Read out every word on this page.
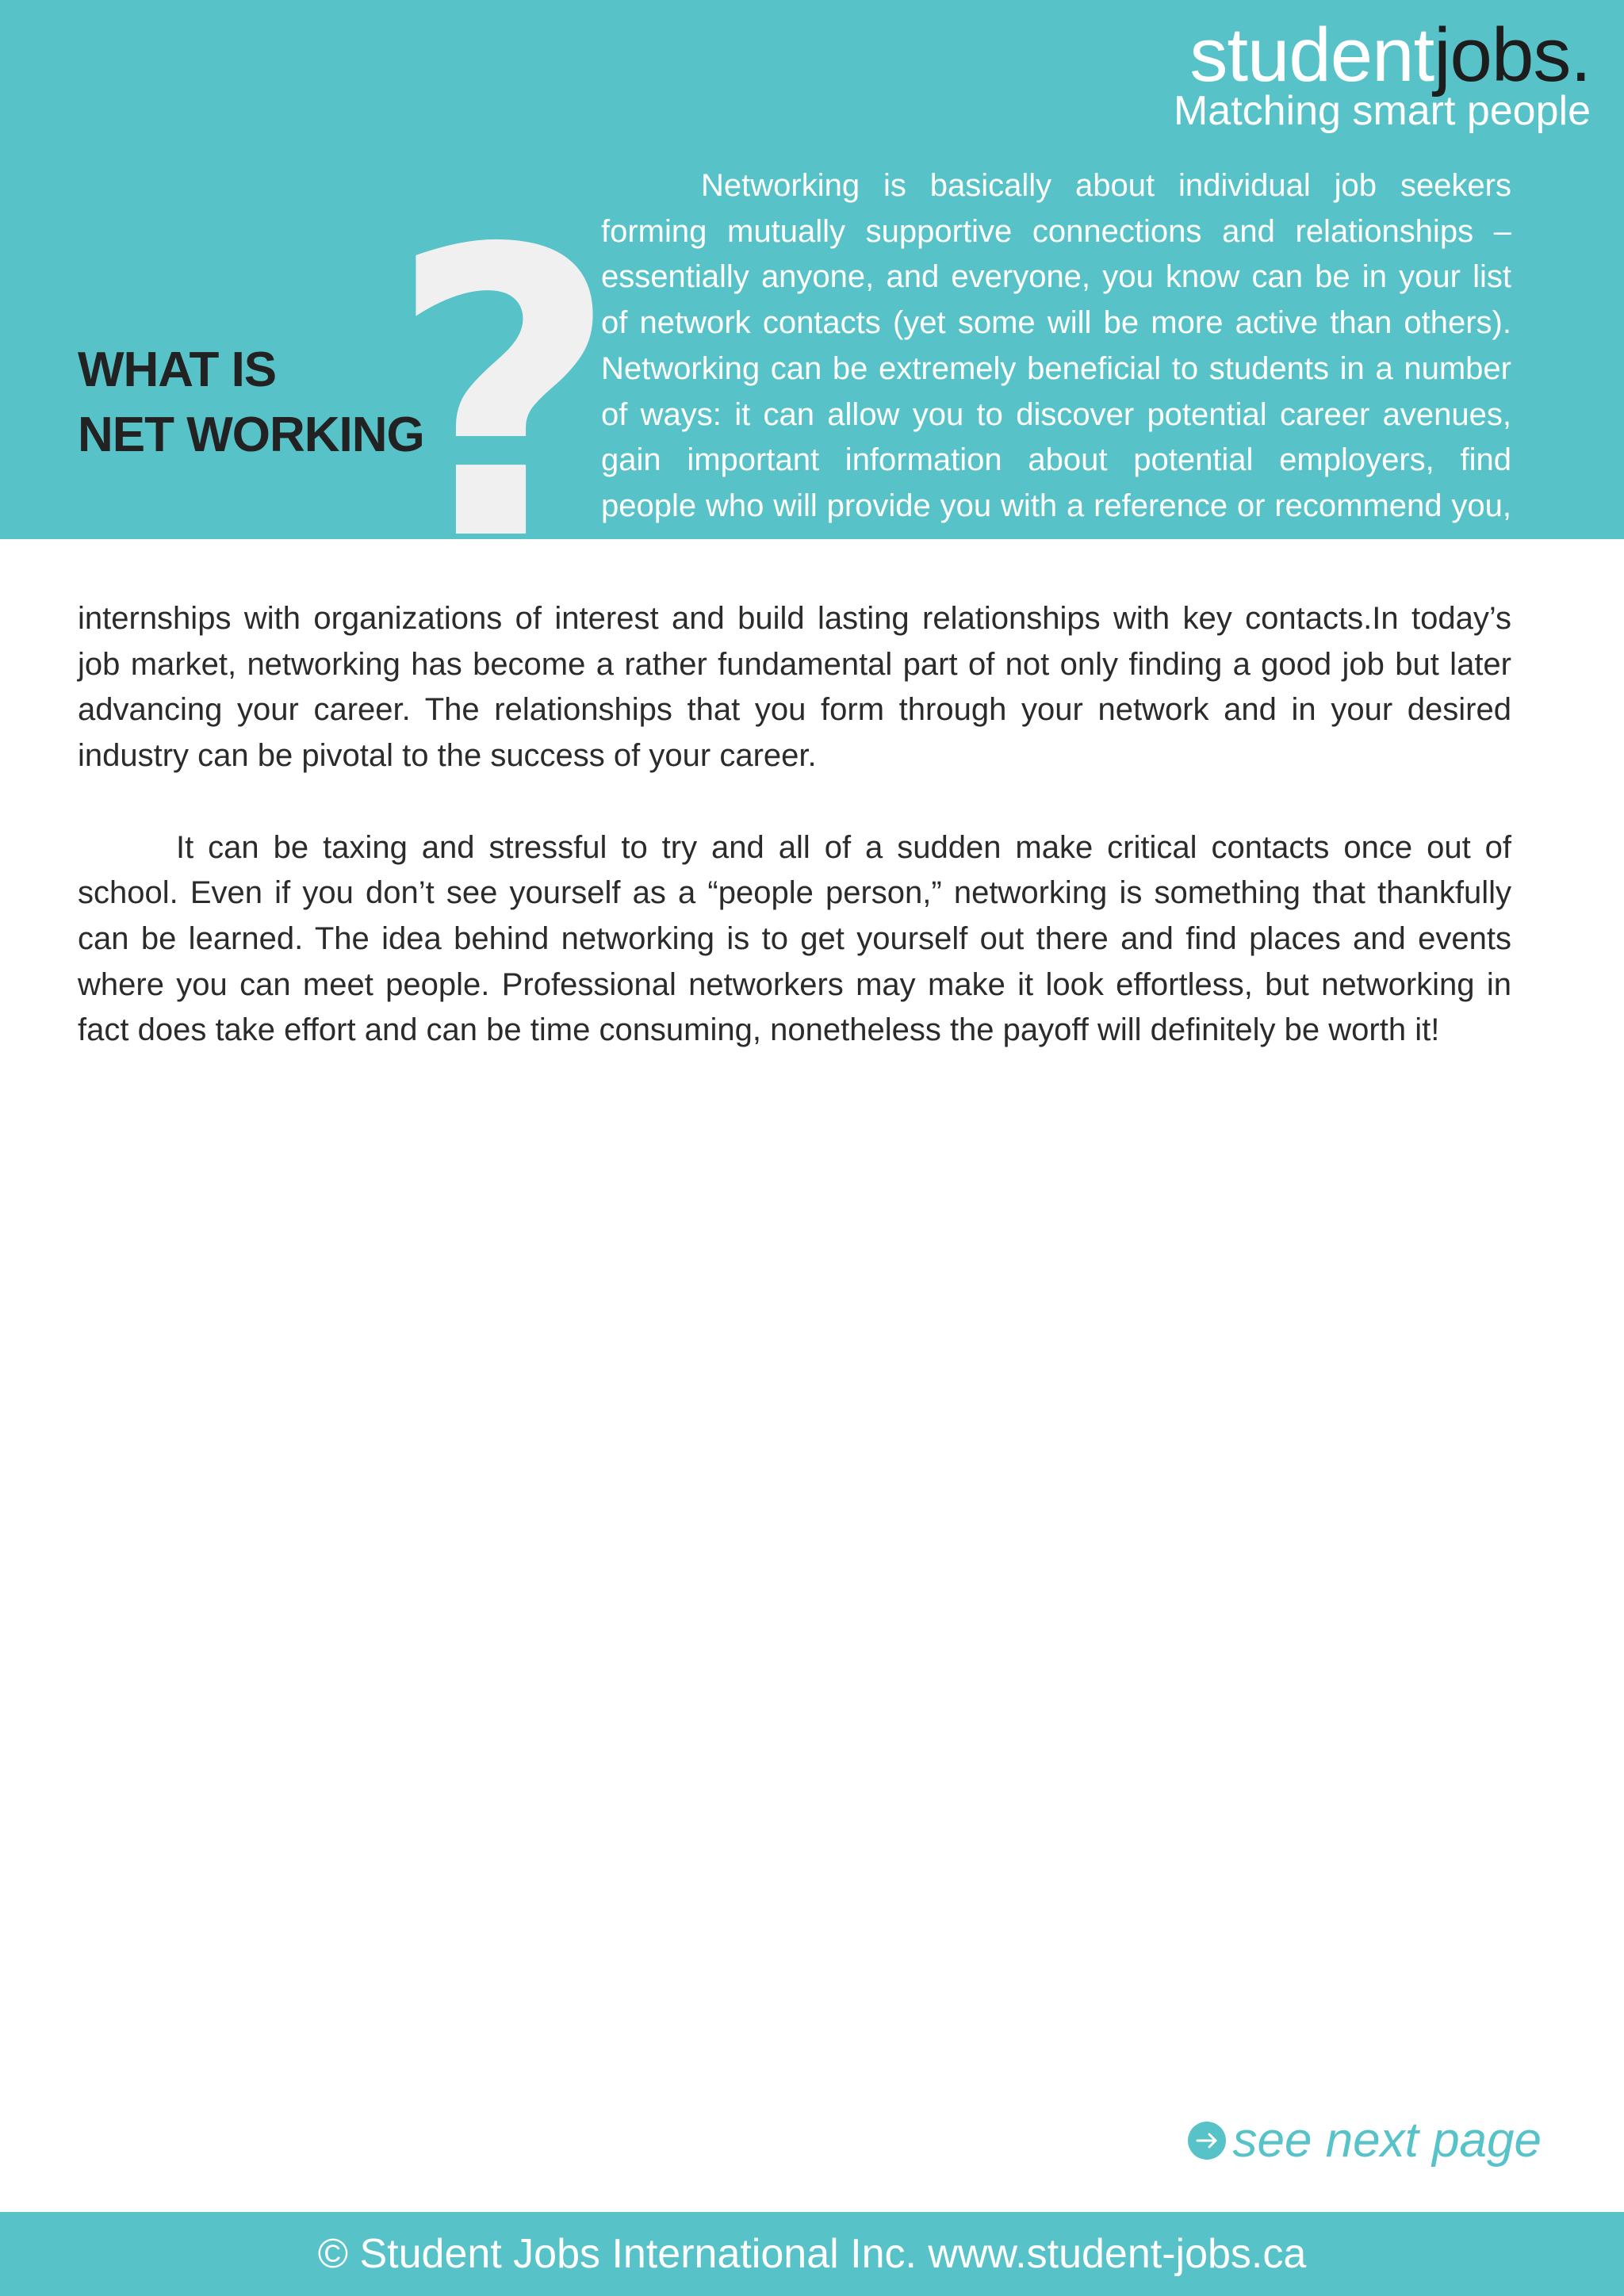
studentjobs.
Matching smart people
?
WHAT IS
NET WORKING

Networking is basically about individual job seekers forming mutually supportive connections and relationships –essentially anyone, and everyone, you know can be in your list of network contacts (yet some will be more active than others). Networking can be extremely beneficial to students in a number of ways: it can allow you to discover potential career avenues, gain important information about potential employers, find people who will provide you with a reference or recommend you, secure

internships with organizations of interest and build lasting relationships with key contacts.In today’s job market, networking has become a rather fundamental part of not only finding a good job but later advancing your career. The relationships that you form through your network and in your desired industry can be pivotal to the success of your career.

It can be taxing and stressful to try and all of a sudden make critical contacts once out of school. Even if you don’t see yourself as a “people person,” networking is something that thankfully can be learned. The idea behind networking is to get yourself out there and find places and events where you can meet people. Professional networkers may make it look effortless, but networking in fact does take effort and can be time consuming, nonetheless the payoff will definitely be worth it!

see next page
© Student Jobs International Inc. www.student-jobs.ca
